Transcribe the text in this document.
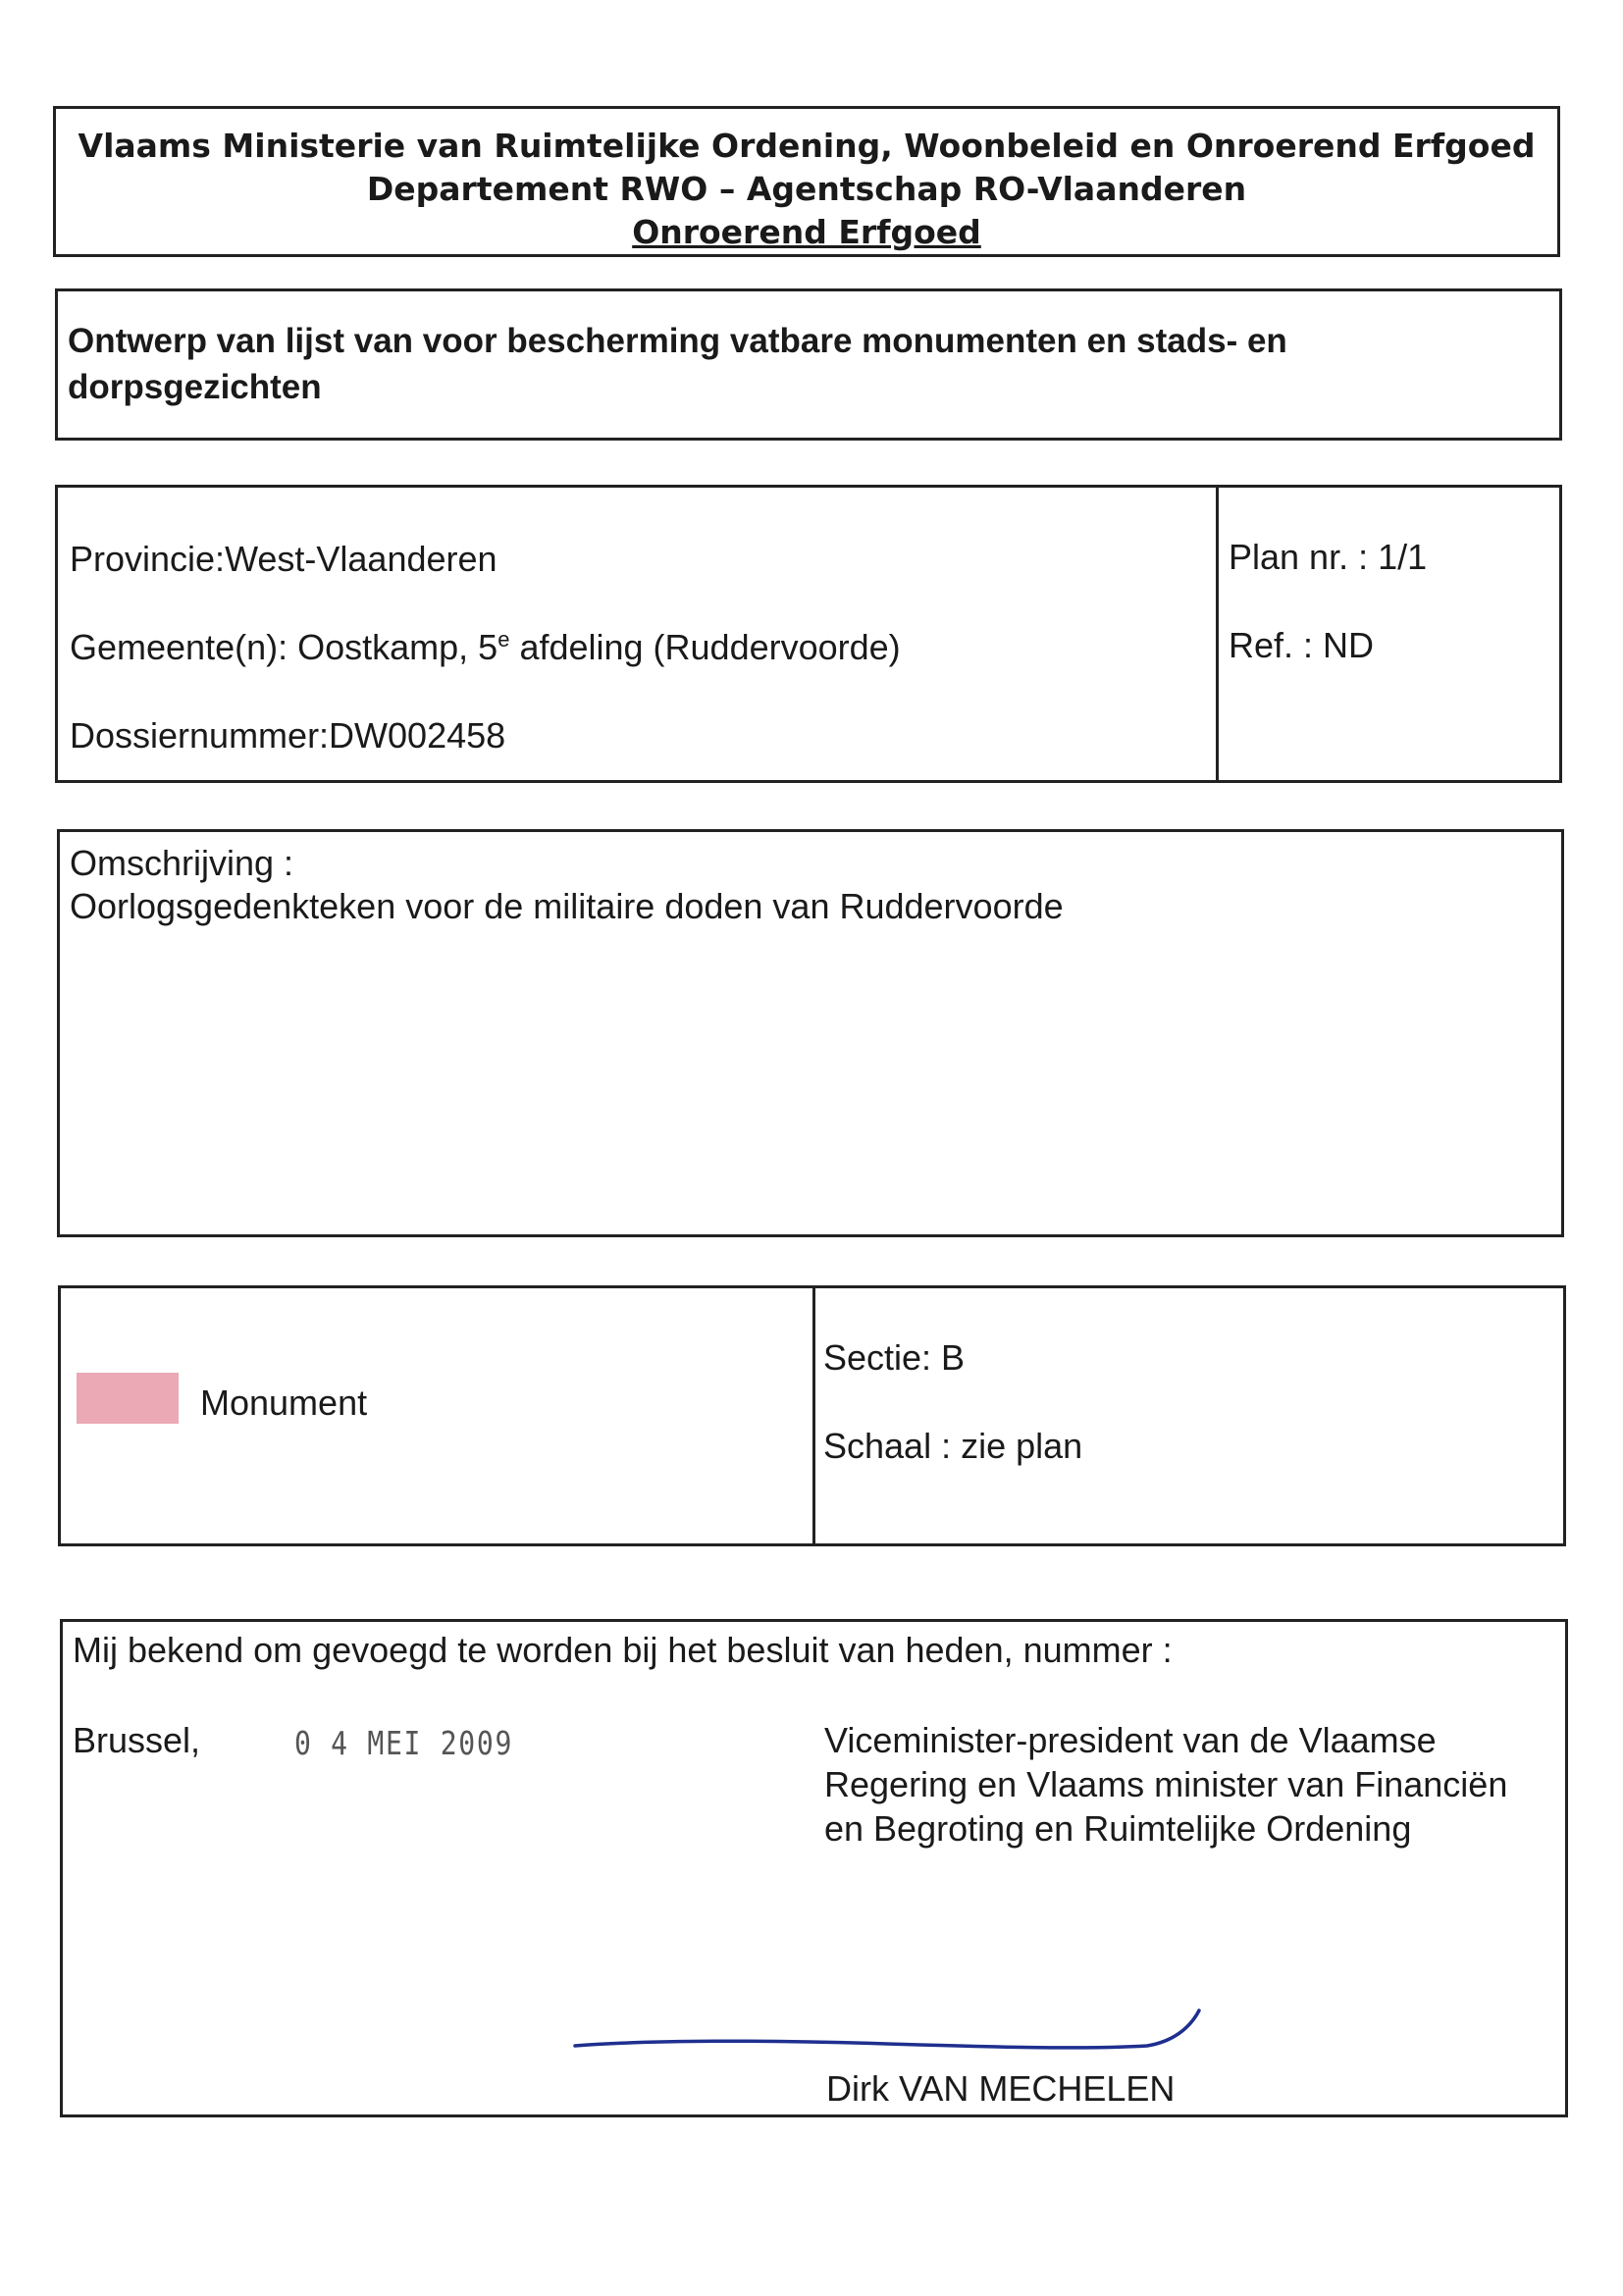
Vlaams Ministerie van Ruimtelijke Ordening, Woonbeleid en Onroerend Erfgoed
Departement RWO – Agentschap RO-Vlaanderen
Onroerend Erfgoed
Ontwerp van lijst van voor bescherming vatbare monumenten en stads- en
dorpsgezichten
Provincie:West-Vlaanderen
Gemeente(n): Oostkamp, 5e afdeling (Ruddervoorde)
Dossiernummer:DW002458
Plan nr. : 1/1
Ref. : ND
Omschrijving :
Oorlogsgedenkteken voor de militaire doden van Ruddervoorde
Monument
Sectie: B
Schaal : zie plan
Mij bekend om gevoegd te worden bij het besluit van heden, nummer :
Brussel,	0 4 MEI 2009	Viceminister-president van de Vlaamse Regering en Vlaams minister van Financiën en Begroting en Ruimtelijke Ordening
Dirk VAN MECHELEN
